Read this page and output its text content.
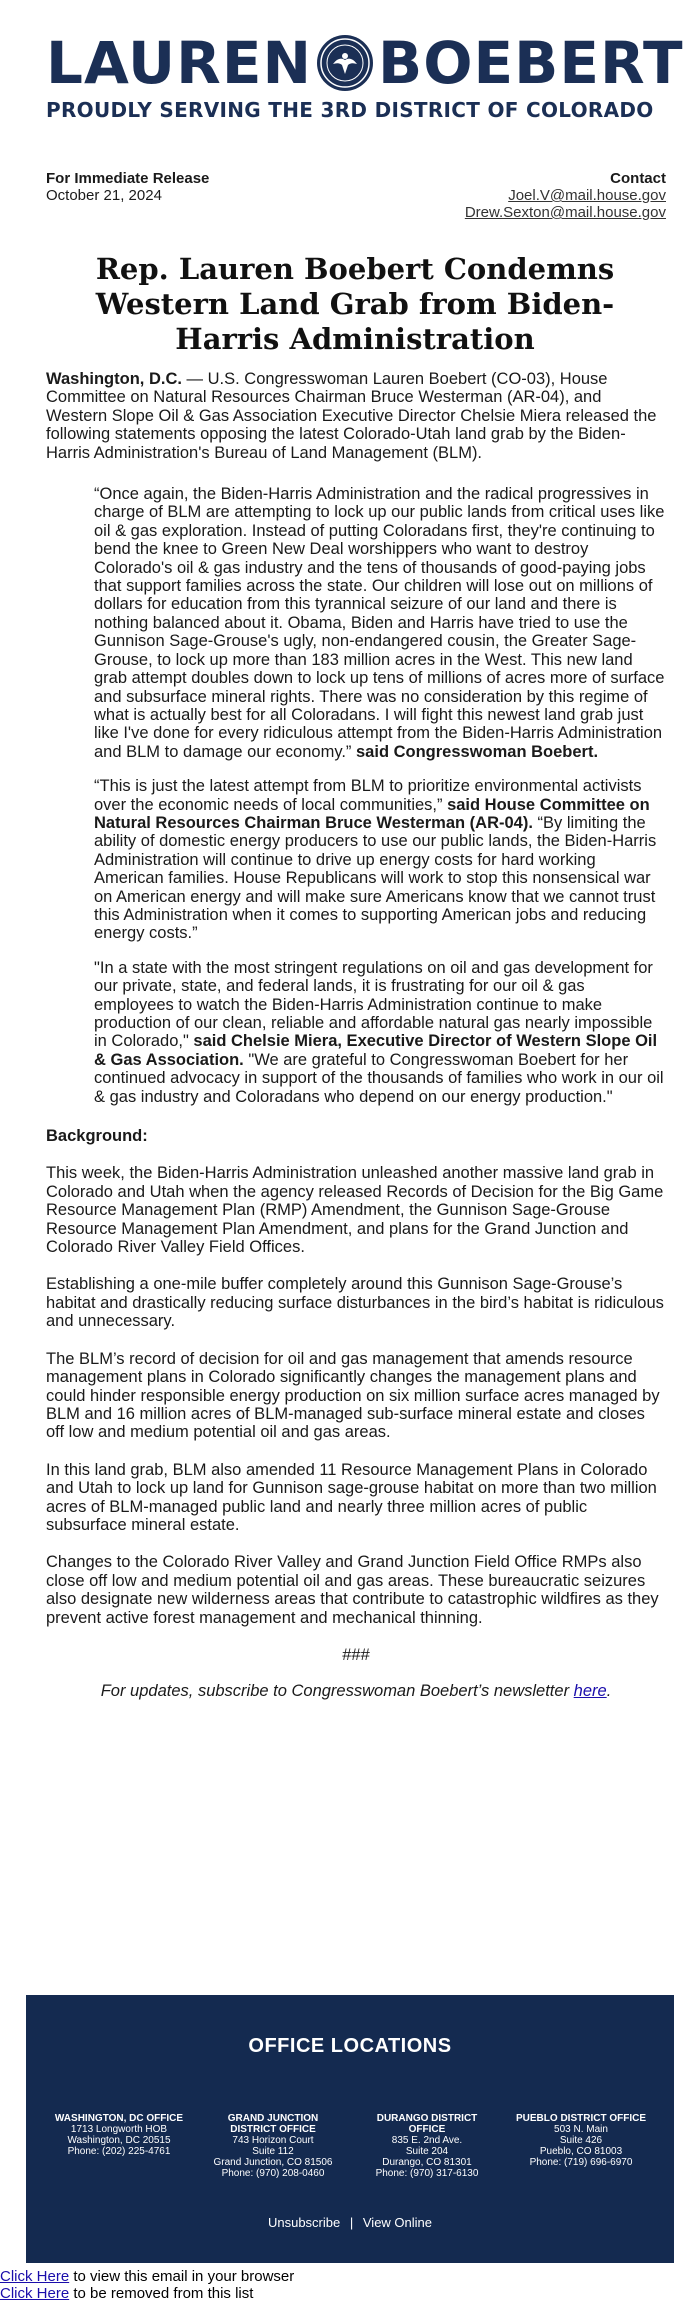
LAUREN BOEBERT
PROUDLY SERVING THE 3RD DISTRICT OF COLORADO
For Immediate Release
October 21, 2024
Contact
Joel.V@mail.house.gov
Drew.Sexton@mail.house.gov
Rep. Lauren Boebert Condemns Western Land Grab from Biden-Harris Administration

Washington, D.C. — U.S. Congresswoman Lauren Boebert (CO-03), House Committee on Natural Resources Chairman Bruce Westerman (AR-04), and Western Slope Oil & Gas Association Executive Director Chelsie Miera released the following statements opposing the latest Colorado-Utah land grab by the Biden-Harris Administration's Bureau of Land Management (BLM).

“Once again, the Biden-Harris Administration and the radical progressives in charge of BLM are attempting to lock up our public lands from critical uses like oil & gas exploration. Instead of putting Coloradans first, they're continuing to bend the knee to Green New Deal worshippers who want to destroy Colorado's oil & gas industry and the tens of thousands of good-paying jobs that support families across the state. Our children will lose out on millions of dollars for education from this tyrannical seizure of our land and there is nothing balanced about it. Obama, Biden and Harris have tried to use the Gunnison Sage-Grouse's ugly, non-endangered cousin, the Greater Sage-Grouse, to lock up more than 183 million acres in the West. This new land grab attempt doubles down to lock up tens of millions of acres more of surface and subsurface mineral rights. There was no consideration by this regime of what is actually best for all Coloradans. I will fight this newest land grab just like I've done for every ridiculous attempt from the Biden-Harris Administration and BLM to damage our economy.” said Congresswoman Boebert.

“This is just the latest attempt from BLM to prioritize environmental activists over the economic needs of local communities,” said House Committee on Natural Resources Chairman Bruce Westerman (AR-04). “By limiting the ability of domestic energy producers to use our public lands, the Biden-Harris Administration will continue to drive up energy costs for hard working American families. House Republicans will work to stop this nonsensical war on American energy and will make sure Americans know that we cannot trust this Administration when it comes to supporting American jobs and reducing energy costs.”

"In a state with the most stringent regulations on oil and gas development for our private, state, and federal lands, it is frustrating for our oil & gas employees to watch the Biden-Harris Administration continue to make production of our clean, reliable and affordable natural gas nearly impossible in Colorado," said Chelsie Miera, Executive Director of Western Slope Oil & Gas Association. "We are grateful to Congresswoman Boebert for her continued advocacy in support of the thousands of families who work in our oil & gas industry and Coloradans who depend on our energy production."

Background:

This week, the Biden-Harris Administration unleashed another massive land grab in Colorado and Utah when the agency released Records of Decision for the Big Game Resource Management Plan (RMP) Amendment, the Gunnison Sage-Grouse Resource Management Plan Amendment, and plans for the Grand Junction and Colorado River Valley Field Offices.

Establishing a one-mile buffer completely around this Gunnison Sage-Grouse’s habitat and drastically reducing surface disturbances in the bird’s habitat is ridiculous and unnecessary.

The BLM’s record of decision for oil and gas management that amends resource management plans in Colorado significantly changes the management plans and could hinder responsible energy production on six million surface acres managed by BLM and 16 million acres of BLM-managed sub-surface mineral estate and closes off low and medium potential oil and gas areas.

In this land grab, BLM also amended 11 Resource Management Plans in Colorado and Utah to lock up land for Gunnison sage-grouse habitat on more than two million acres of BLM-managed public land and nearly three million acres of public subsurface mineral estate.

Changes to the Colorado River Valley and Grand Junction Field Office RMPs also close off low and medium potential oil and gas areas. These bureaucratic seizures also designate new wilderness areas that contribute to catastrophic wildfires as they prevent active forest management and mechanical thinning.

###

For updates, subscribe to Congresswoman Boebert’s newsletter here.

OFFICE LOCATIONS
WASHINGTON, DC OFFICE
1713 Longworth HOB
Washington, DC 20515
Phone: (202) 225-4761
GRAND JUNCTION
DISTRICT OFFICE
743 Horizon Court
Suite 112
Grand Junction, CO 81506
Phone: (970) 208-0460
DURANGO DISTRICT
OFFICE
835 E. 2nd Ave.
Suite 204
Durango, CO 81301
Phone: (970) 317-6130
PUEBLO DISTRICT OFFICE
503 N. Main
Suite 426
Pueblo, CO 81003
Phone: (719) 696-6970
Unsubscribe | View Online
Click Here to view this email in your browser
Click Here to be removed from this list
